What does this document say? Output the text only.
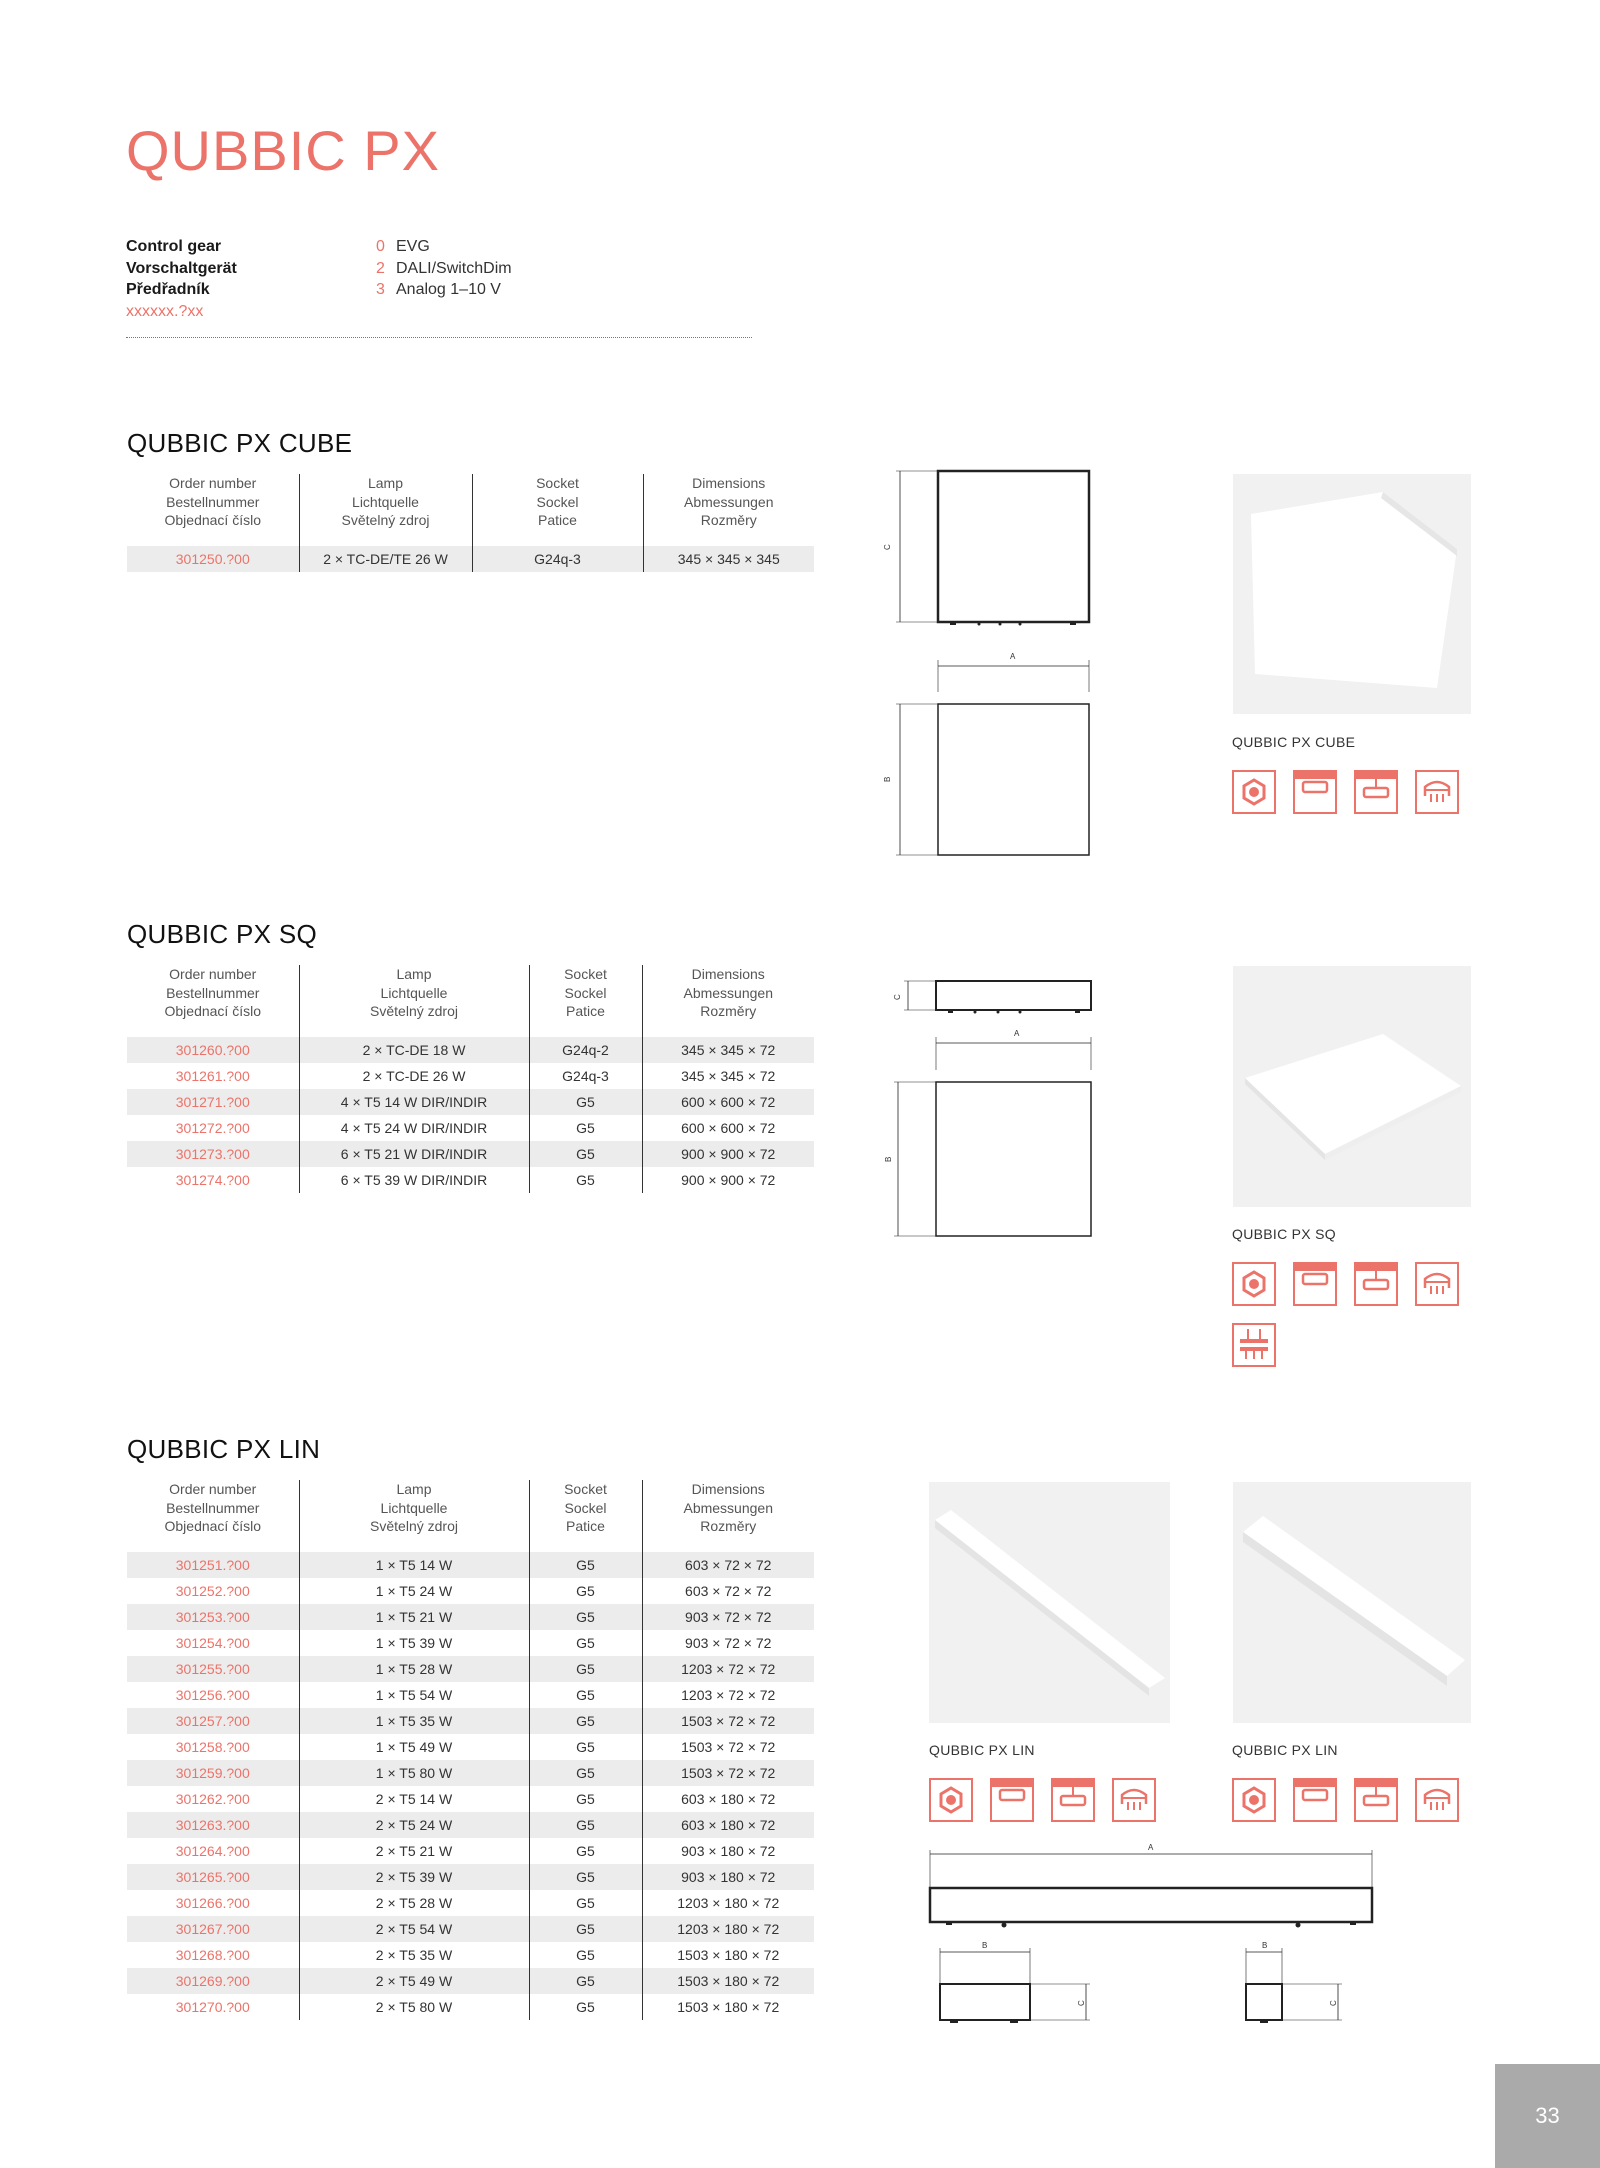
QUBBIC PX
Control gear	0 EVG
Vorschaltgerät	2 DALI/SwitchDim
Předřadník	3 Analog 1–10 V
xxxxxx.?xx
QUBBIC PX CUBE
Order number
Bestellnummer
Objednací číslo	Lamp
Lichtquelle
Světelný zdroj	Socket
Sockel
Patice	Dimensions
Abmessungen
Rozměry
301250.?00	2 × TC-DE/TE 26 W	G24q-3	345 × 345 × 345
C
A
B
QUBBIC PX CUBE
QUBBIC PX SQ
Order number
Bestellnummer
Objednací číslo	Lamp
Lichtquelle
Světelný zdroj	Socket
Sockel
Patice	Dimensions
Abmessungen
Rozměry
301260.?00	2 × TC-DE 18 W	G24q-2	345 × 345 × 72
301261.?00	2 × TC-DE 26 W	G24q-3	345 × 345 × 72
301271.?00	4 × T5 14 W DIR/INDIR	G5	600 × 600 × 72
301272.?00	4 × T5 24 W DIR/INDIR	G5	600 × 600 × 72
301273.?00	6 × T5 21 W DIR/INDIR	G5	900 × 900 × 72
301274.?00	6 × T5 39 W DIR/INDIR	G5	900 × 900 × 72
C
A
B
QUBBIC PX SQ
QUBBIC PX LIN
Order number
Bestellnummer
Objednací číslo	Lamp
Lichtquelle
Světelný zdroj	Socket
Sockel
Patice	Dimensions
Abmessungen
Rozměry
301251.?00	1 × T5 14 W	G5	603 × 72 × 72
301252.?00	1 × T5 24 W	G5	603 × 72 × 72
301253.?00	1 × T5 21 W	G5	903 × 72 × 72
301254.?00	1 × T5 39 W	G5	903 × 72 × 72
301255.?00	1 × T5 28 W	G5	1203 × 72 × 72
301256.?00	1 × T5 54 W	G5	1203 × 72 × 72
301257.?00	1 × T5 35 W	G5	1503 × 72 × 72
301258.?00	1 × T5 49 W	G5	1503 × 72 × 72
301259.?00	1 × T5 80 W	G5	1503 × 72 × 72
301262.?00	2 × T5 14 W	G5	603 × 180 × 72
301263.?00	2 × T5 24 W	G5	603 × 180 × 72
301264.?00	2 × T5 21 W	G5	903 × 180 × 72
301265.?00	2 × T5 39 W	G5	903 × 180 × 72
301266.?00	2 × T5 28 W	G5	1203 × 180 × 72
301267.?00	2 × T5 54 W	G5	1203 × 180 × 72
301268.?00	2 × T5 35 W	G5	1503 × 180 × 72
301269.?00	2 × T5 49 W	G5	1503 × 180 × 72
301270.?00	2 × T5 80 W	G5	1503 × 180 × 72
QUBBIC PX LIN	QUBBIC PX LIN
A
B	B
C	C
33
